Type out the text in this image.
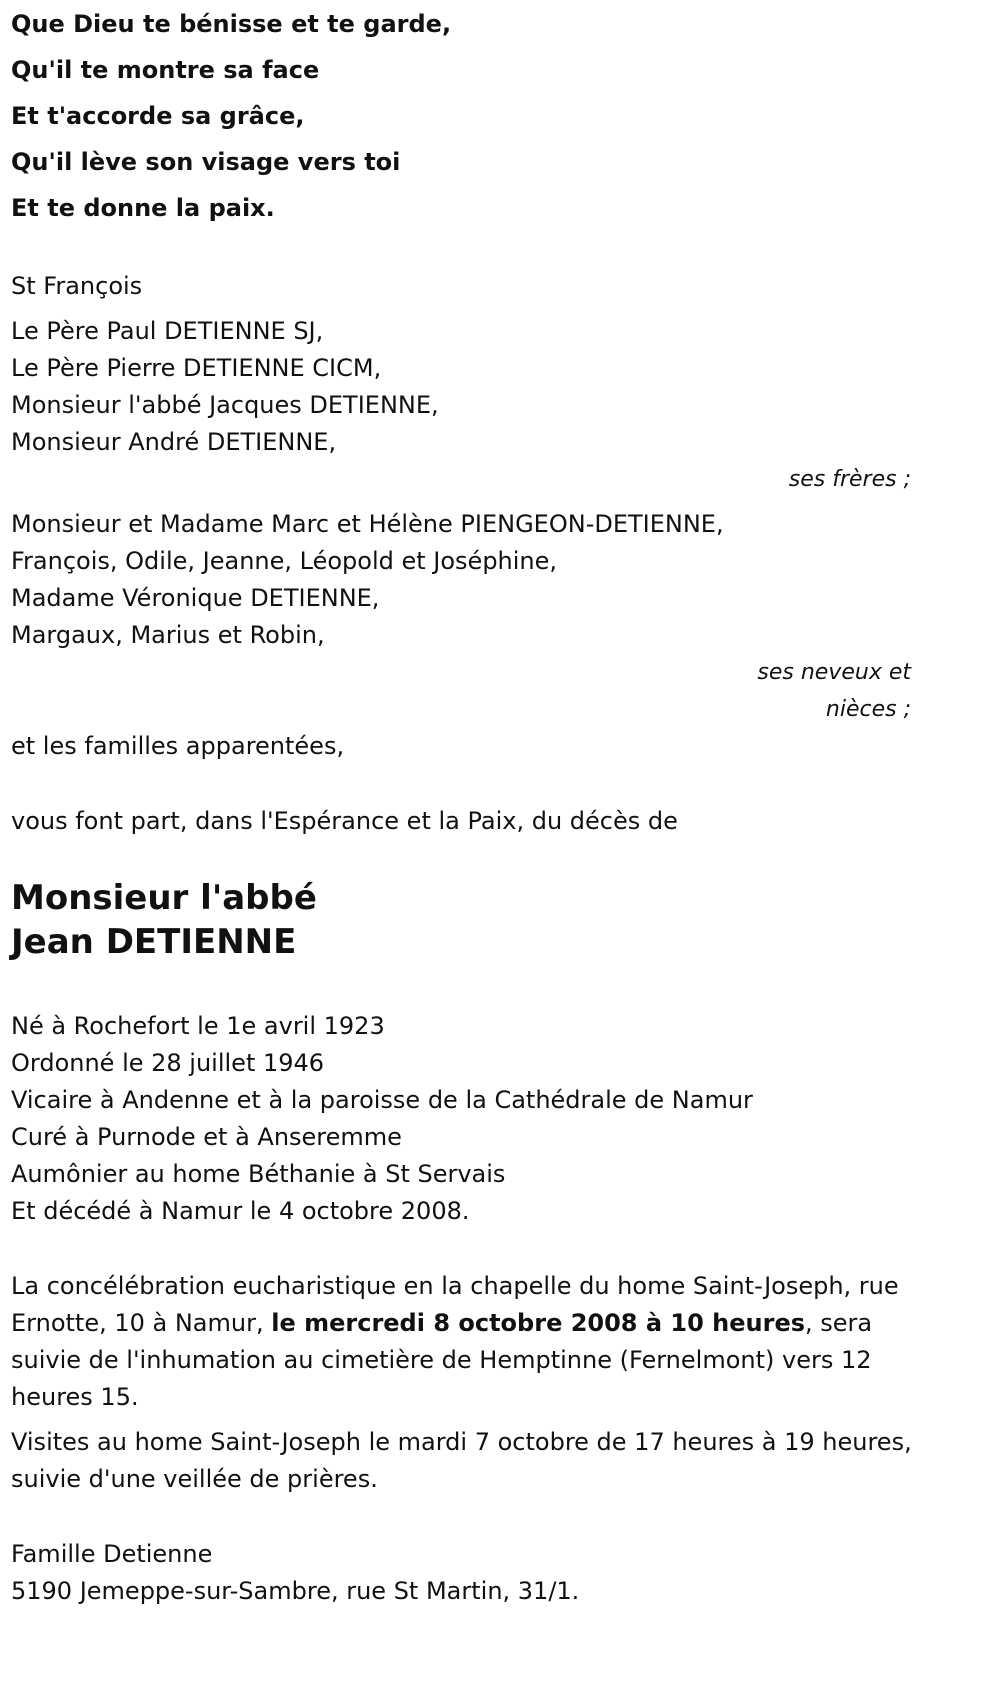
Que Dieu te bénisse et te garde,
Qu'il te montre sa face
Et t'accorde sa grâce,
Qu'il lève son visage vers toi
Et te donne la paix.
St François
Le Père Paul DETIENNE SJ,
Le Père Pierre DETIENNE CICM,
Monsieur l'abbé Jacques DETIENNE,
Monsieur André DETIENNE,
ses frères ;
Monsieur et Madame Marc et Hélène PIENGEON-DETIENNE,
François, Odile, Jeanne, Léopold et Joséphine,
Madame Véronique DETIENNE,
Margaux, Marius et Robin,
ses neveux et
nièces ;
et les familles apparentées,
vous font part, dans l'Espérance et la Paix, du décès de
Monsieur l'abbé
Jean DETIENNE
Né à Rochefort le 1e avril 1923
Ordonné le 28 juillet 1946
Vicaire à Andenne et à la paroisse de la Cathédrale de Namur
Curé à Purnode et à Anseremme
Aumônier au home Béthanie à St Servais
Et décédé à Namur le 4 octobre 2008.
La concélébration eucharistique en la chapelle du home Saint-Joseph, rue Ernotte, 10 à Namur, le mercredi 8 octobre 2008 à 10 heures, sera suivie de l'inhumation au cimetière de Hemptinne (Fernelmont) vers 12 heures 15.
Visites au home Saint-Joseph le mardi 7 octobre de 17 heures à 19 heures, suivie d'une veillée de prières.
Famille Detienne
5190 Jemeppe-sur-Sambre, rue St Martin, 31/1.
